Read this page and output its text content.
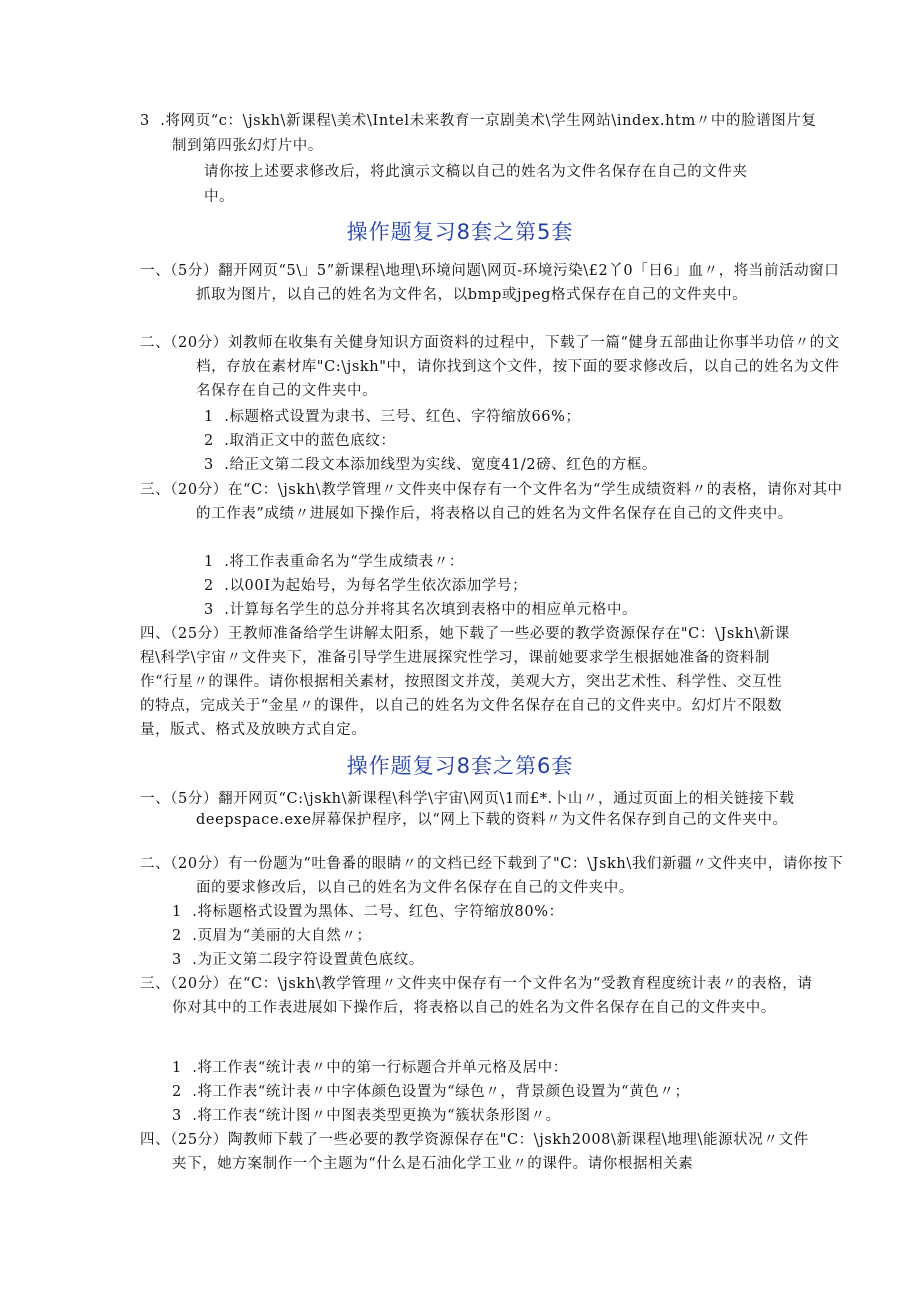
3  .将网页“c：\jskh\新课程\美术\Intel未来教育一京剧美术\学生网站\index.htm〃中的脸谱图片复制到第四张幻灯片中。
请你按上述要求修改后，将此演示文稿以自己的姓名为文件名保存在自己的文件夹中。
操作题复习8套之第5套
一、（5分）翻开网页“5\」5”新课程\地理\环境问题\网页-环境污染\£2丫0「日6」血〃，将当前活动窗口抓取为图片，以自己的姓名为文件名，以bmp或jpeg格式保存在自己的文件夹中。
二、（20分）刘教师在收集有关健身知识方面资料的过程中，下载了一篇“健身五部曲让你事半功倍〃的文档，存放在素材库"C:\jskh"中，请你找到这个文件，按下面的要求修改后，以自己的姓名为文件名保存在自己的文件夹中。
1  .标题格式设置为隶书、三号、红色、字符缩放66%；
2  .取消正文中的蓝色底纹：
3  .给正文第二段文本添加线型为实线、宽度41/2磅、红色的方框。
三、（20分）在“C：\jskh\教学管理〃文件夹中保存有一个文件名为“学生成绩资料〃的表格，请你对其中的工作表”成绩〃进展如下操作后，将表格以自己的姓名为文件名保存在自己的文件夹中。
1  .将工作表重命名为“学生成绩表〃：
2  .以00I为起始号，为每名学生依次添加学号；
3  .计算每名学生的总分并将其名次填到表格中的相应单元格中。
四、（25分）王教师准备给学生讲解太阳系，她下载了一些必要的教学资源保存在"C：\Jskh\新课程\科学\宇宙〃文件夹下，准备引导学生进展探究性学习，课前她要求学生根据她准备的资料制作“行星〃的课件。请你根据相关素材，按照图文并茂，美观大方，突出艺术性、科学性、交互性的特点，完成关于“金星〃的课件，以自己的姓名为文件名保存在自己的文件夹中。幻灯片不限数量，版式、格式及放映方式自定。
操作题复习8套之第6套
一、（5分）翻开网页“C:\jskh\新课程\科学\宇宙\网页\1而£*.卜山〃，通过页面上的相关链接下载deepspace.exe屏幕保护程序，以“网上下载的资料〃为文件名保存到自己的文件夹中。
二、（20分）有一份题为“吐鲁番的眼睛〃的文档已经下载到了"C：\Jskh\我们新疆〃文件夹中，请你按下面的要求修改后，以自己的姓名为文件名保存在自己的文件夹中。
1  .将标题格式设置为黑体、二号、红色、字符缩放80%：
2  .页眉为“美丽的大自然〃；
3  .为正文第二段字符设置黄色底纹。
三、（20分）在“C：\jskh\教学管理〃文件夹中保存有一个文件名为“受教育程度统计表〃的表格，请你对其中的工作表进展如下操作后，将表格以自己的姓名为文件名保存在自己的文件夹中。
1  .将工作表“统计表〃中的第一行标题合并单元格及居中：
2  .将工作表“统计表〃中字体颜色设置为“绿色〃，背景颜色设置为“黄色〃；
3  .将工作表“统计图〃中图表类型更换为“簇状条形图〃。
四、（25分）陶教师下载了一些必要的教学资源保存在"C：\jskh2008\新课程\地理\能源状况〃文件夹下，她方案制作一个主题为“什么是石油化学工业〃的课件。请你根据相关素
